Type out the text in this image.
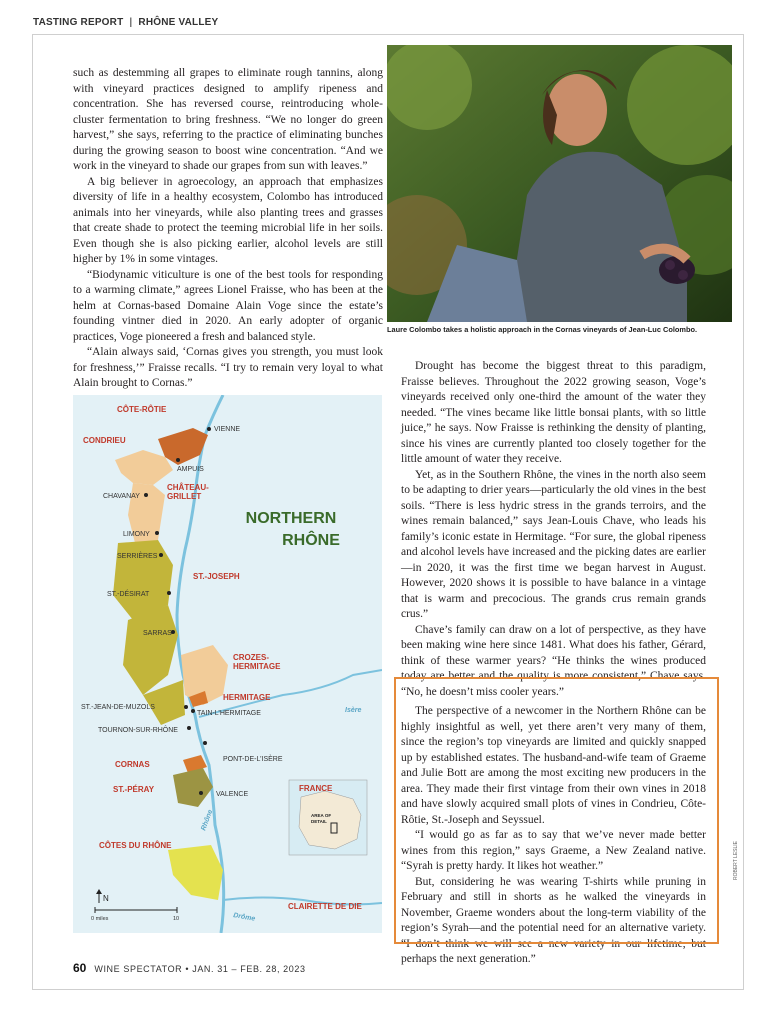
TASTING REPORT | RHÔNE VALLEY

such as destemming all grapes to eliminate rough tannins, along with vineyard practices designed to amplify ripeness and concentration. She has reversed course, reintroducing whole-cluster fermentation to bring freshness. “We no longer do green harvest,” she says, referring to the practice of eliminating bunches during the growing season to boost wine concentration. “And we work in the vineyard to shade our grapes from sun with leaves.”

A big believer in agroecology, an approach that emphasizes diversity of life in a healthy ecosystem, Colombo has introduced animals into her vineyards, while also planting trees and grasses that create shade to protect the teeming microbial life in her soils. Even though she is also picking earlier, alcohol levels are still higher by 1% in some vintages.

“Biodynamic viticulture is one of the best tools for responding to a warming climate,” agrees Lionel Fraisse, who has been at the helm at Cornas-based Domaine Alain Voge since the estate’s founding vintner died in 2020. An early adopter of organic practices, Voge pioneered a fresh and balanced style.

“Alain always said, ‘Cornas gives you strength, you must look for freshness,’” Fraisse recalls. “I try to remain very loyal to what Alain brought to Cornas.”

Laure Colombo takes a holistic approach in the Cornas vineyards of Jean-Luc Colombo.
ROBERT LESLIE
NORTHERN
RHÔNE
CÔTE-RÔTIE
CONDRIEU
CHÂTEAU-
GRILLET
ST.-JOSEPH
CROZES-
HERMITAGE
HERMITAGE
CORNAS
ST.-PÉRAY
CÔTES DU RHÔNE
CLAIRETTE DE DIE
VIENNE
AMPUIS
CHAVANAY
LIMONY
SERRIÈRES
ST.-DÉSIRAT
SARRAS
ST.-JEAN-DE-MUZOLS
TAIN-L’HERMITAGE
TOURNON-SUR-RHÔNE
PONT-DE-L’ISÈRE
VALENCE
Isère
Rhône
Drôme
FRANCE
AREA OF
DETAIL
N
0 miles	10

Drought has become the biggest threat to this paradigm, Fraisse believes. Throughout the 2022 growing season, Voge’s vineyards received only one-third the amount of the water they needed. “The vines became like little bonsai plants, with so little juice,” he says. Now Fraisse is rethinking the density of planting, since his vines are currently planted too closely together for the little amount of water they receive.

Yet, as in the Southern Rhône, the vines in the north also seem to be adapting to drier years—particularly the old vines in the best soils. “There is less hydric stress in the grands terroirs, and the wines remain balanced,” says Jean-Louis Chave, who leads his family’s iconic estate in Hermitage. “For sure, the global ripeness and alcohol levels have increased and the picking dates are earlier—in 2020, it was the first time we began harvest in August. However, 2020 shows it is possible to have balance in a vintage that is warm and precocious. The grands crus remain grands crus.”

Chave’s family can draw on a lot of perspective, as they have been making wine here since 1481. What does his father, Gérard, think of these warmer years? “He thinks the wines produced today are better and the quality is more consistent,” Chave says. “No, he doesn’t miss cooler years.”

The perspective of a newcomer in the Northern Rhône can be highly insightful as well, yet there aren’t very many of them, since the region’s top vineyards are limited and quickly snapped up by established estates. The husband-and-wife team of Graeme and Julie Bott are among the most exciting new producers in the area. They made their first vintage from their own vines in 2018 and have slowly acquired small plots of vines in Condrieu, Côte-Rôtie, St.-Joseph and Seyssuel.

“I would go as far as to say that we’ve never made better wines from this region,” says Graeme, a New Zealand native. “Syrah is pretty hardy. It likes hot weather.”

But, considering he was wearing T-shirts while pruning in February and still in shorts as he walked the vineyards in November, Graeme wonders about the long-term viability of the region’s Syrah—and the potential need for an alternative variety. “I don’t think we will see a new variety in our lifetime, but perhaps the next generation.”

60 WINE SPECTATOR • JAN. 31 – FEB. 28, 2023
